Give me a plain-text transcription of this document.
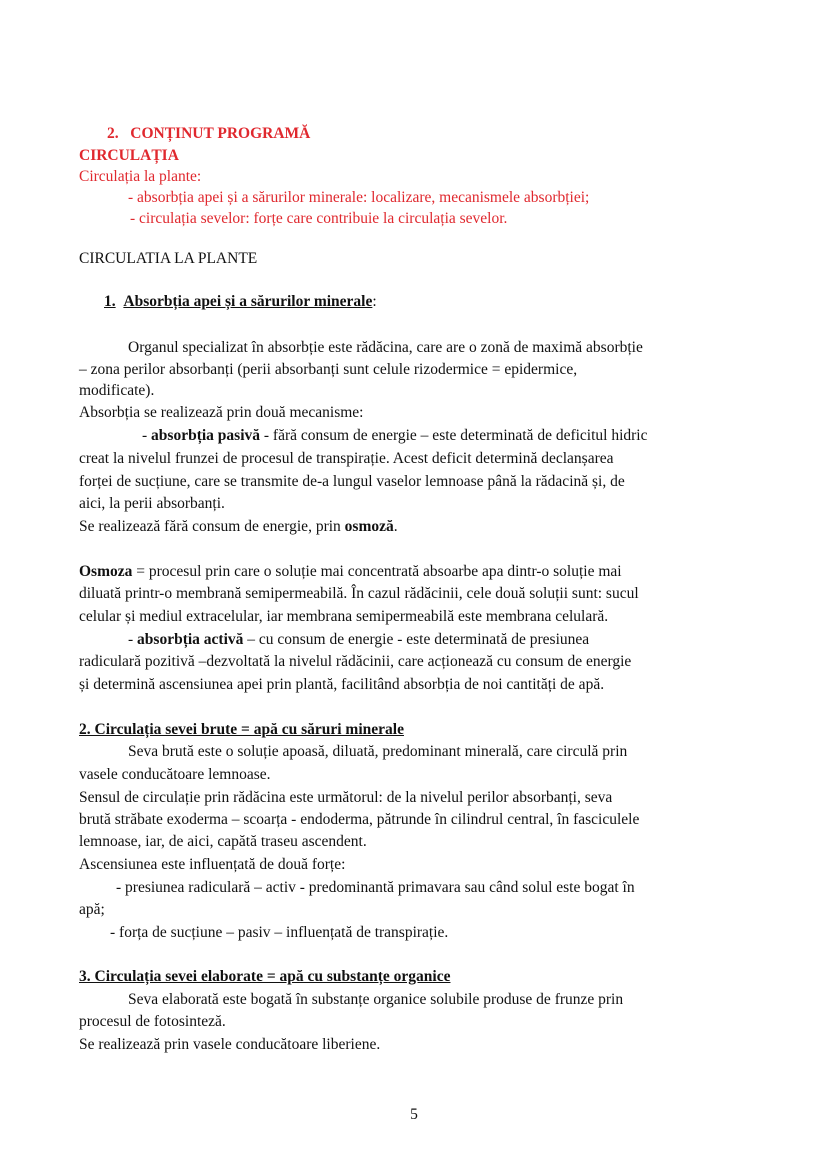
2. CONȚINUT PROGRAMĂ
CIRCULAȚIA
Circulația la plante:
- absorbția apei și a sărurilor minerale: localizare, mecanismele absorbției;
- circulația sevelor: forțe care contribuie la circulația sevelor.
CIRCULATIA LA PLANTE
1. Absorbția apei și a sărurilor minerale:
Organul specializat în absorbție este rădăcina, care are o zonă de maximă absorbție
– zona perilor absorbanți (perii absorbanți sunt celule rizodermice = epidermice,
modificate).
Absorbția se realizează prin două mecanisme:
- absorbția pasivă - fără consum de energie – este determinată de deficitul hidric
creat la nivelul frunzei de procesul de transpirație. Acest deficit determină declanșarea
forței de sucțiune, care se transmite de-a lungul vaselor lemnoase până la rădacină și, de
aici, la perii absorbanți.
Se realizează fără consum de energie, prin osmoză.
Osmoza = procesul prin care o soluție mai concentrată absoarbe apa dintr-o soluție mai
diluată printr-o membrană semipermeabilă. În cazul rădăcinii, cele două soluții sunt: sucul
celular și mediul extracelular, iar membrana semipermeabilă este membrana celulară.
- absorbția activă – cu consum de energie - este determinată de presiunea
radiculară pozitivă –dezvoltată la nivelul rădăcinii, care acționează cu consum de energie
și determină ascensiunea apei prin plantă, facilitând absorbția de noi cantități de apă.
2. Circulația sevei brute = apă cu săruri minerale
Seva brută este o soluție apoasă, diluată, predominant minerală, care circulă prin
vasele conducătoare lemnoase.
Sensul de circulație prin rădăcina este următorul: de la nivelul perilor absorbanți, seva
brută străbate exoderma – scoarța - endoderma, pătrunde în cilindrul central, în fasciculele
lemnoase, iar, de aici, capătă traseu ascendent.
Ascensiunea este influențată de două forțe:
- presiunea radiculară – activ - predominantă primavara sau când solul este bogat în
apă;
- forța de sucțiune – pasiv – influențată de transpirație.
3. Circulația sevei elaborate = apă cu substanțe organice
Seva elaborată este bogată în substanțe organice solubile produse de frunze prin
procesul de fotosinteză.
Se realizează prin vasele conducătoare liberiene.
5
